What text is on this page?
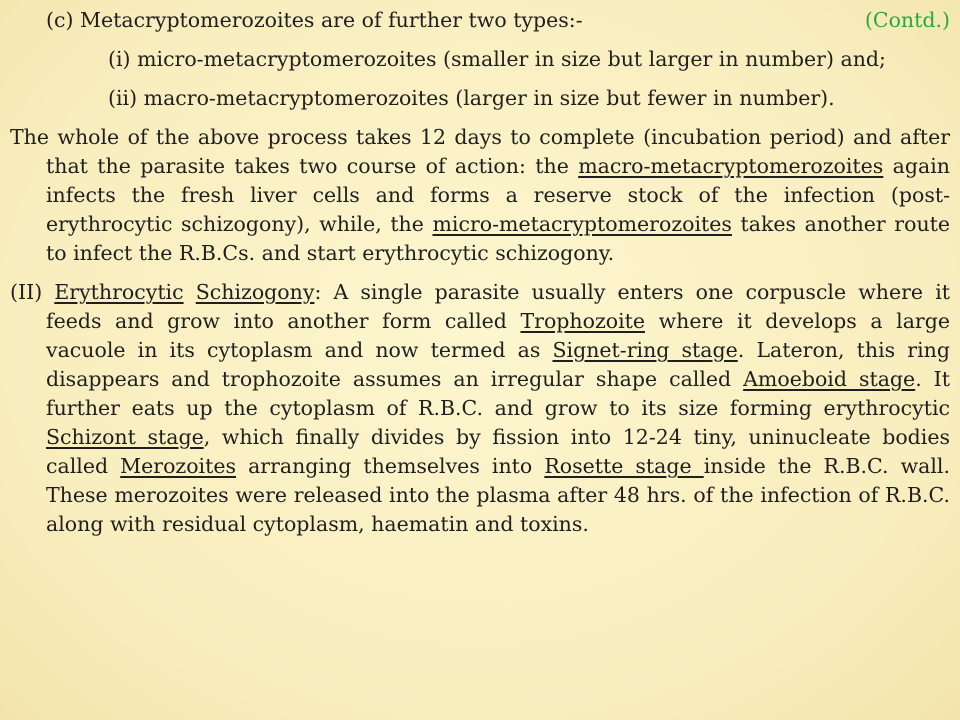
(c) Metacryptomerozoites are of further two types:-	(Contd.)

(i) micro-metacryptomerozoites (smaller in size but larger in number) and;

(ii) macro-metacryptomerozoites (larger in size but fewer in number).

The whole of the above process takes 12 days to complete (incubation period) and after that the parasite takes two course of action: the macro-metacryptomerozoites again infects the fresh liver cells and forms a reserve stock of the infection (post-erythrocytic schizogony), while, the micro-metacryptomerozoites takes another route to infect the R.B.Cs. and start erythrocytic schizogony.

(II) Erythrocytic Schizogony: A single parasite usually enters one corpuscle where it feeds and grow into another form called Trophozoite where it develops a large vacuole in its cytoplasm and now termed as Signet-ring stage. Lateron, this ring disappears and trophozoite assumes an irregular shape called Amoeboid stage. It further eats up the cytoplasm of R.B.C. and grow to its size forming erythrocytic Schizont stage, which finally divides by fission into 12-24 tiny, uninucleate bodies called Merozoites arranging themselves into Rosette stage inside the R.B.C. wall. These merozoites were released into the plasma after 48 hrs. of the infection of R.B.C. along with residual cytoplasm, haematin and toxins.
